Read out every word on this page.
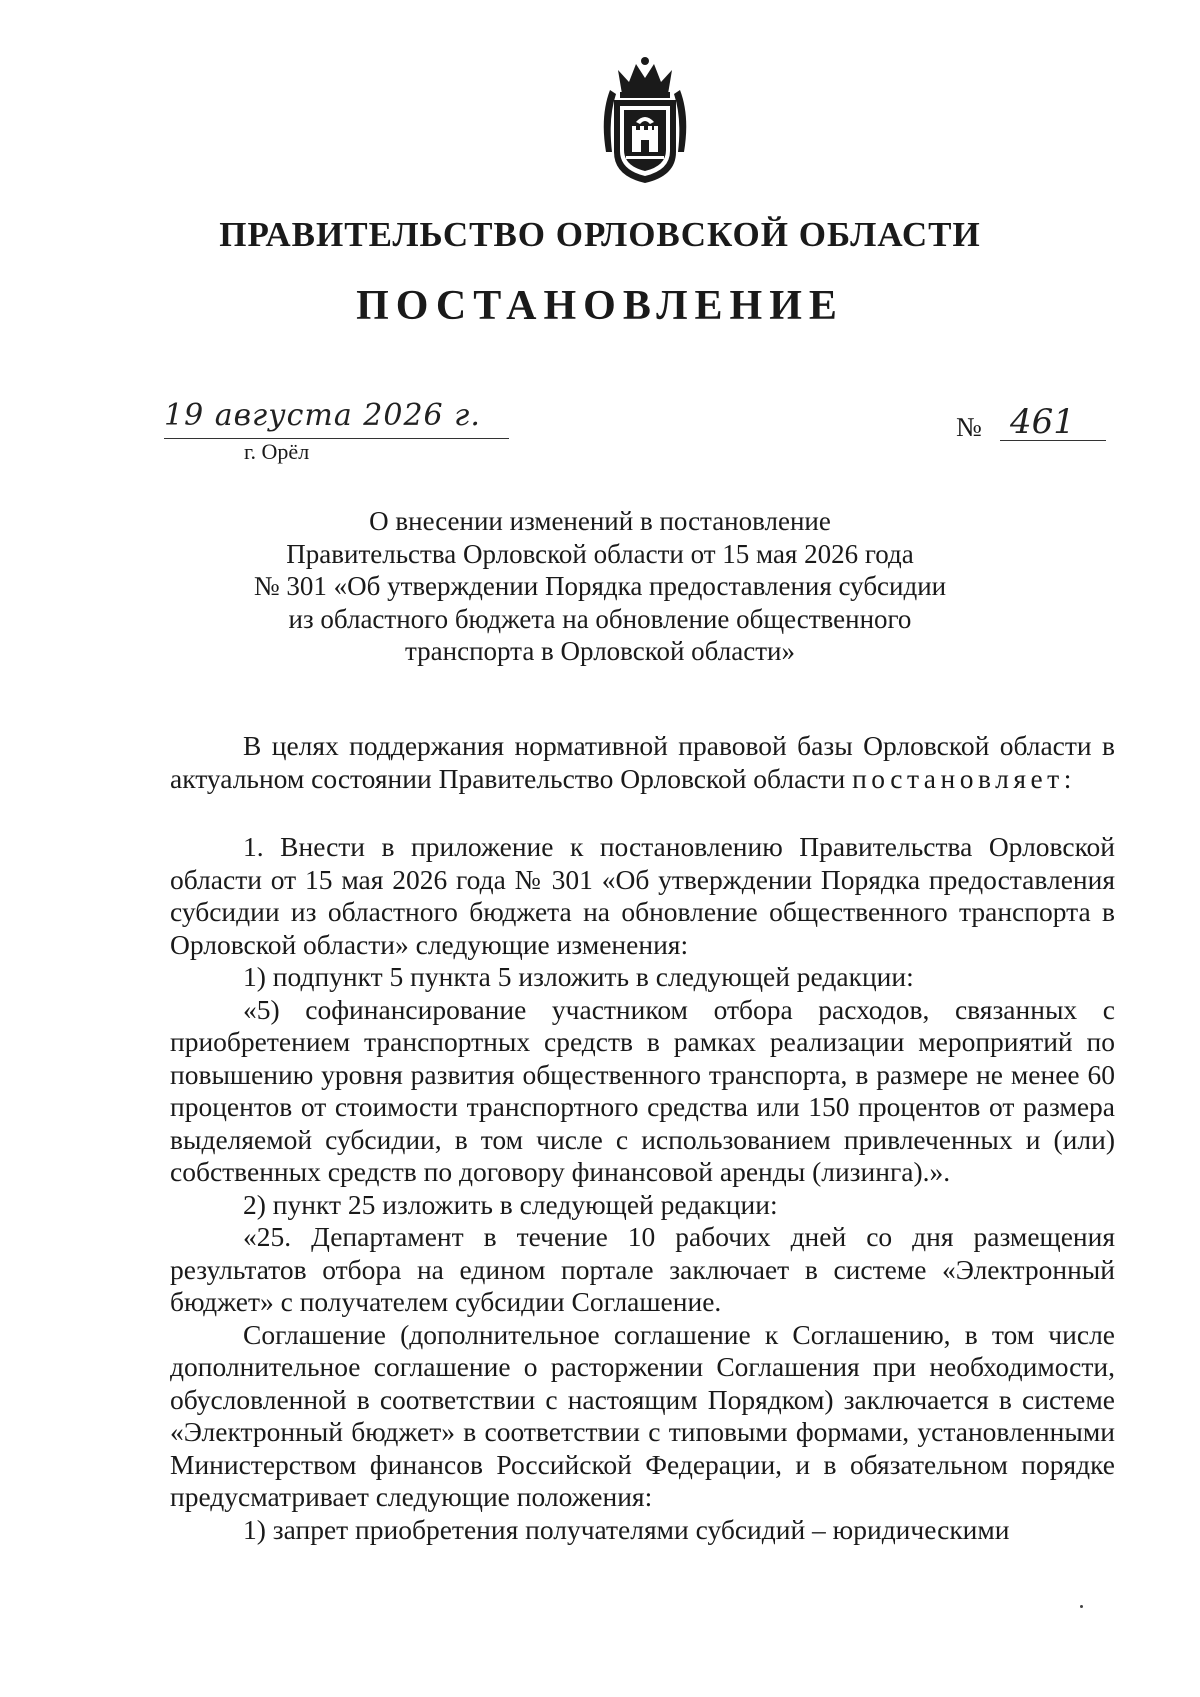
ПРАВИТЕЛЬСТВО ОРЛОВСКОЙ ОБЛАСТИ
ПОСТАНОВЛЕНИЕ

19 августа 2026 г.

г. Орёл

№ 461

О внесении изменений в постановление
Правительства Орловской области от 15 мая 2026 года
№ 301 «Об утверждении Порядка предоставления субсидии
из областного бюджета на обновление общественного
транспорта в Орловской области»

В целях поддержания нормативной правовой базы Орловской области в актуальном состоянии Правительство Орловской области постановляет:

1. Внести в приложение к постановлению Правительства Орловской области от 15 мая 2026 года № 301 «Об утверждении Порядка предоставления субсидии из областного бюджета на обновление общественного транспорта в Орловской области» следующие изменения:

1) подпункт 5 пункта 5 изложить в следующей редакции:

«5) софинансирование участником отбора расходов, связанных с приобретением транспортных средств в рамках реализации мероприятий по повышению уровня развития общественного транспорта, в размере не менее 60 процентов от стоимости транспортного средства или 150 процентов от размера выделяемой субсидии, в том числе с использованием привлеченных и (или) собственных средств по договору финансовой аренды (лизинга).».

2) пункт 25 изложить в следующей редакции:

«25. Департамент в течение 10 рабочих дней со дня размещения результатов отбора на едином портале заключает в системе «Электронный бюджет» с получателем субсидии Соглашение.

Соглашение (дополнительное соглашение к Соглашению, в том числе дополнительное соглашение о расторжении Соглашения при необходимости, обусловленной в соответствии с настоящим Порядком) заключается в системе «Электронный бюджет» в соответствии с типовыми формами, установленными Министерством финансов Российской Федерации, и в обязательном порядке предусматривает следующие положения:

1) запрет приобретения получателями субсидий – юридическими
